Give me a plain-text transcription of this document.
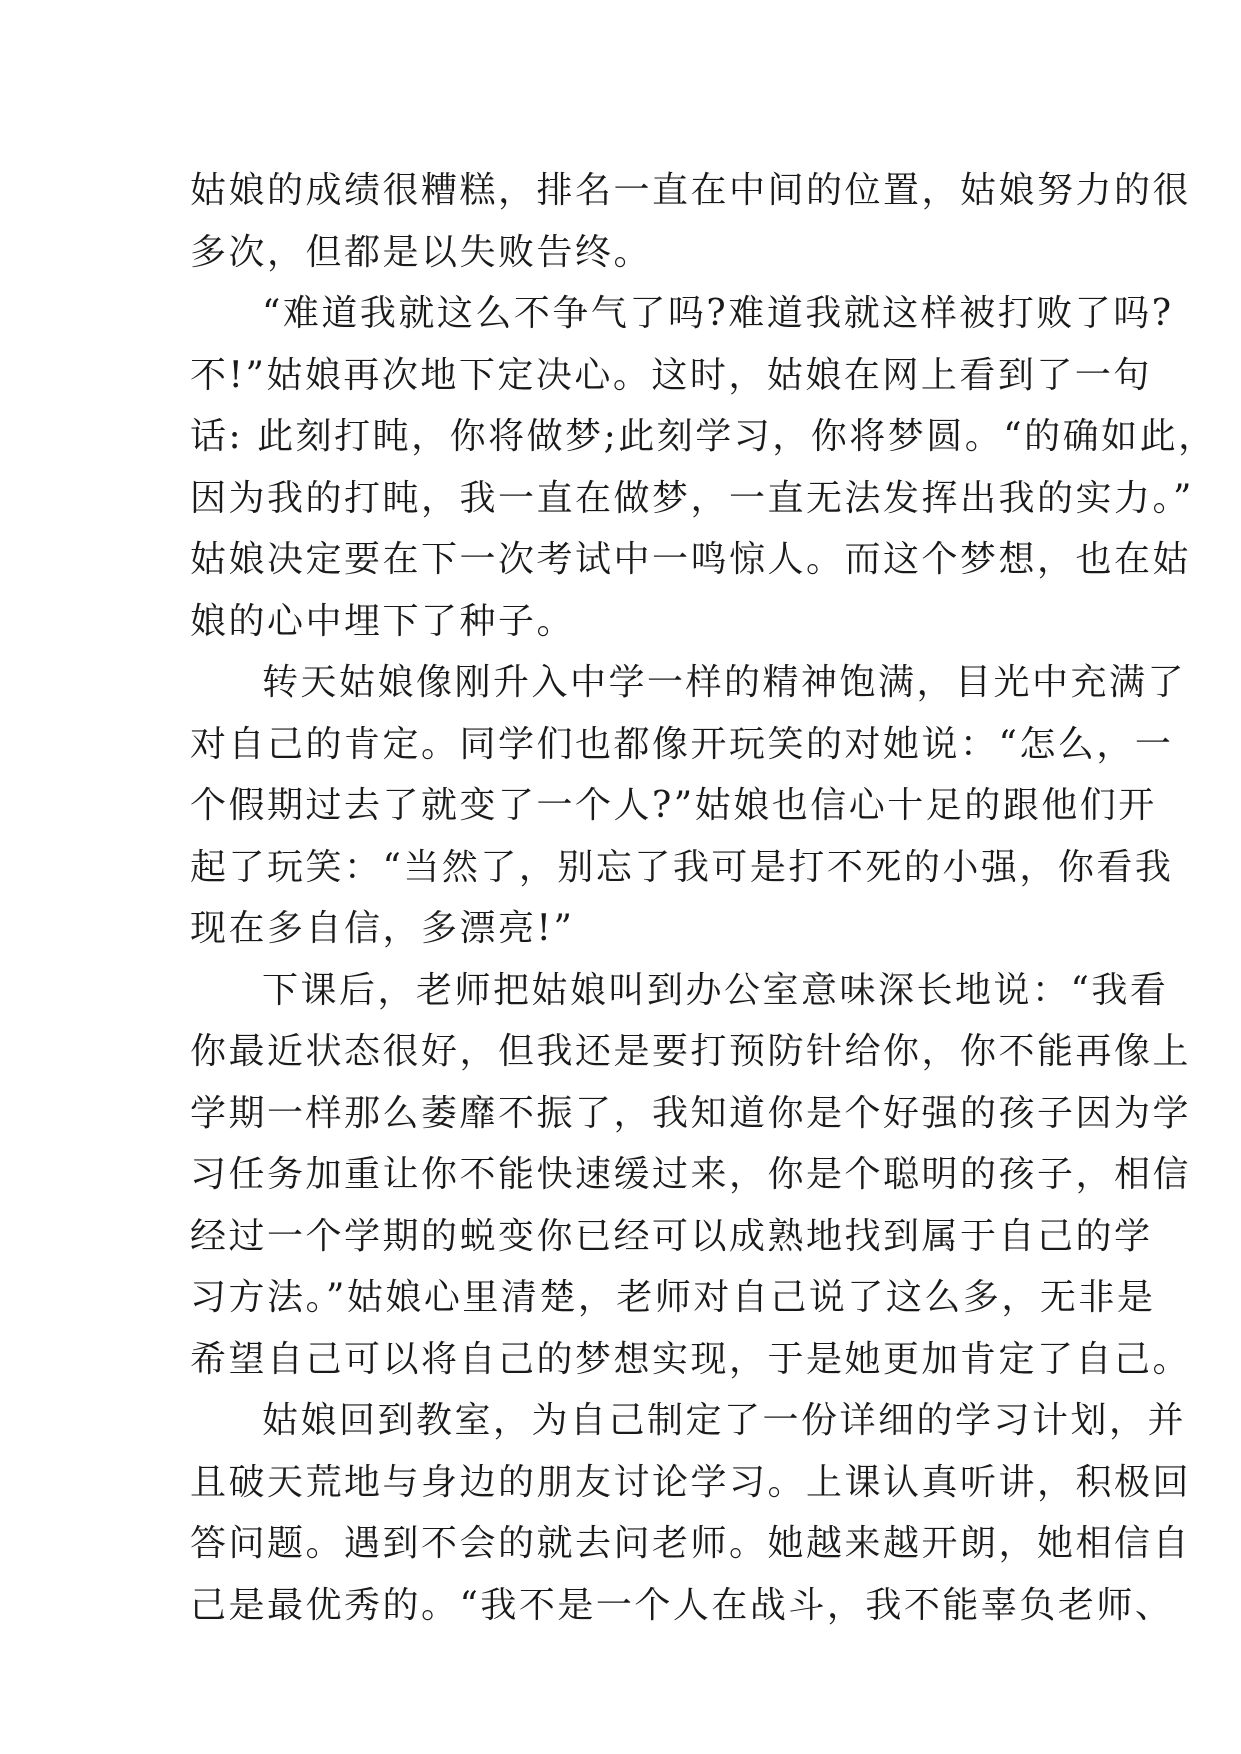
姑娘的成绩很糟糕，排名一直在中间的位置，姑娘努力的很
多次，但都是以失败告终。
“难道我就这么不争气了吗?难道我就这样被打败了吗?
不!”姑娘再次地下定决心。这时，姑娘在网上看到了一句
话: 此刻打盹，你将做梦;此刻学习，你将梦圆。“的确如此，
因为我的打盹，我一直在做梦，一直无法发挥出我的实力。”
姑娘决定要在下一次考试中一鸣惊人。而这个梦想，也在姑
娘的心中埋下了种子。
转天姑娘像刚升入中学一样的精神饱满，目光中充满了
对自己的肯定。同学们也都像开玩笑的对她说：“怎么，一
个假期过去了就变了一个人?”姑娘也信心十足的跟他们开
起了玩笑：“当然了，别忘了我可是打不死的小强，你看我
现在多自信，多漂亮!”
下课后，老师把姑娘叫到办公室意味深长地说：“我看
你最近状态很好，但我还是要打预防针给你，你不能再像上
学期一样那么萎靡不振了，我知道你是个好强的孩子因为学
习任务加重让你不能快速缓过来，你是个聪明的孩子，相信
经过一个学期的蜕变你已经可以成熟地找到属于自己的学
习方法。”姑娘心里清楚，老师对自己说了这么多，无非是
希望自己可以将自己的梦想实现，于是她更加肯定了自己。
姑娘回到教室，为自己制定了一份详细的学习计划，并
且破天荒地与身边的朋友讨论学习。上课认真听讲，积极回
答问题。遇到不会的就去问老师。她越来越开朗，她相信自
己是最优秀的。“我不是一个人在战斗，我不能辜负老师、
